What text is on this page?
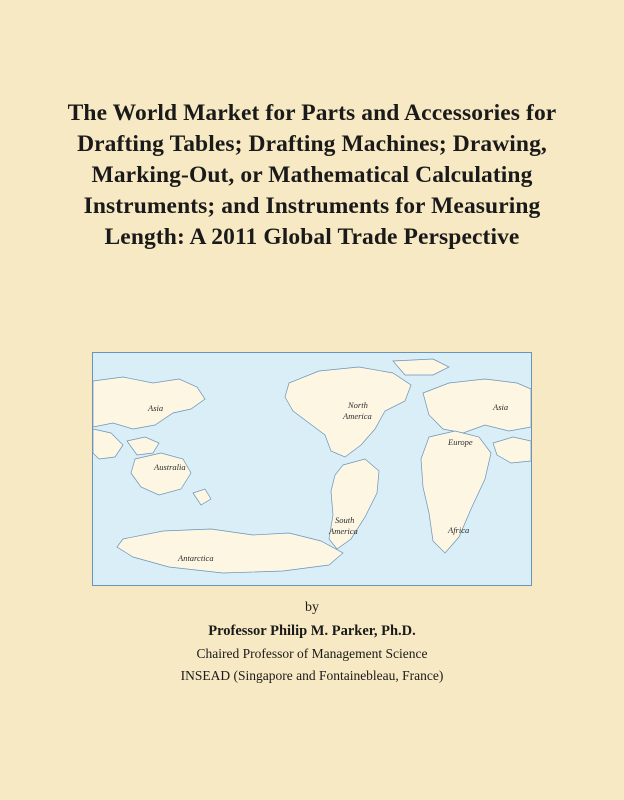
The World Market for Parts and Accessories for Drafting Tables; Drafting Machines; Drawing, Marking-Out, or Mathematical Calculating Instruments; and Instruments for Measuring Length: A 2011 Global Trade Perspective
Asia
Australia
North
America
Asia
Europe
South
America	Africa
Antarctica

by

Professor Philip M. Parker, Ph.D.

Chaired Professor of Management Science

INSEAD (Singapore and Fontainebleau, France)
